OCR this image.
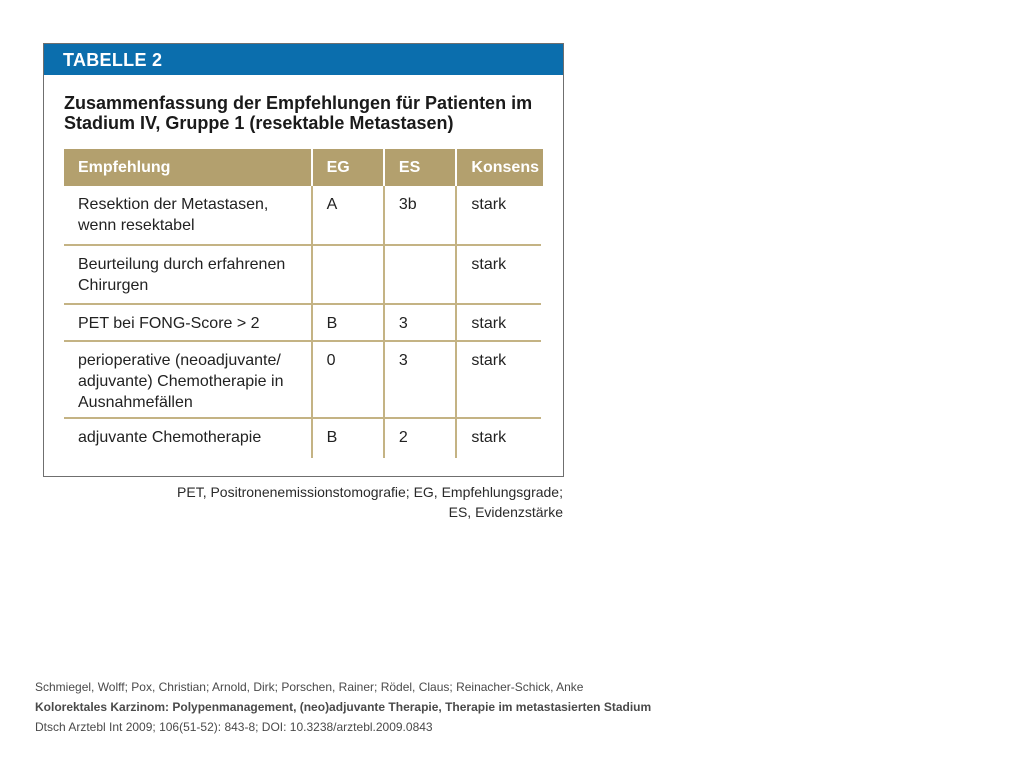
TABELLE 2
Zusammenfassung der Empfehlungen für Patienten im
Stadium IV, Gruppe 1 (resektable Metastasen)
Empfehlung	EG	ES	Konsens

Resektion der Metastasen,
wenn resektabel	A	3b	stark

Beurteilung durch erfahrenen
Chirurgen			stark

PET bei FONG-Score > 2	B	3	stark

perioperative (neoadjuvante/
adjuvante) Chemotherapie in
Ausnahmefällen	0	3	stark

adjuvante Chemotherapie	B	2	stark
PET, Positronenemissionstomografie; EG, Empfehlungsgrade;
ES, Evidenzstärke
Schmiegel, Wolff; Pox, Christian; Arnold, Dirk; Porschen, Rainer; Rödel, Claus; Reinacher-Schick, Anke
Kolorektales Karzinom: Polypenmanagement, (neo)adjuvante Therapie, Therapie im metastasierten Stadium
Dtsch Arztebl Int 2009; 106(51-52): 843-8; DOI: 10.3238/arztebl.2009.0843
